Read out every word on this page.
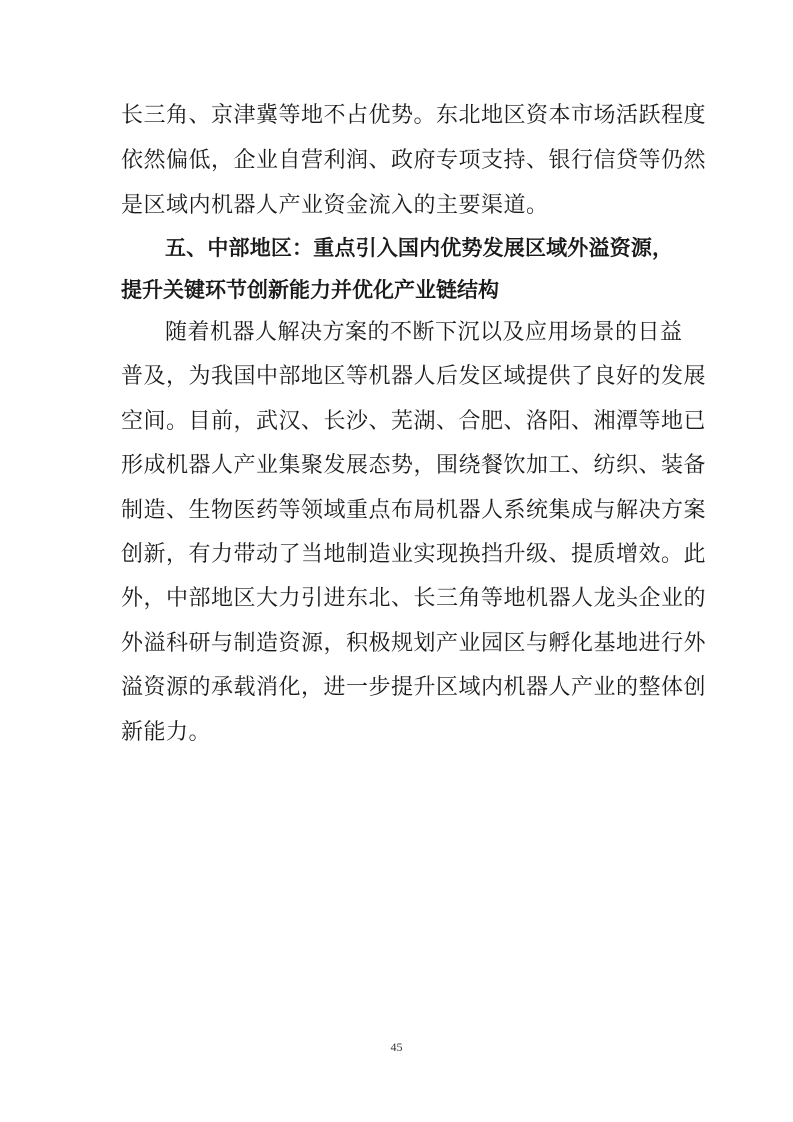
长三角、京津冀等地不占优势。东北地区资本市场活跃程度
依然偏低，企业自营利润、政府专项支持、银行信贷等仍然
是区域内机器人产业资金流入的主要渠道。
五、中部地区：重点引入国内优势发展区域外溢资源，
提升关键环节创新能力并优化产业链结构
随着机器人解决方案的不断下沉以及应用场景的日益
普及，为我国中部地区等机器人后发区域提供了良好的发展
空间。目前，武汉、长沙、芜湖、合肥、洛阳、湘潭等地已
形成机器人产业集聚发展态势，围绕餐饮加工、纺织、装备
制造、生物医药等领域重点布局机器人系统集成与解决方案
创新，有力带动了当地制造业实现换挡升级、提质增效。此
外，中部地区大力引进东北、长三角等地机器人龙头企业的
外溢科研与制造资源，积极规划产业园区与孵化基地进行外
溢资源的承载消化，进一步提升区域内机器人产业的整体创
新能力。
45
